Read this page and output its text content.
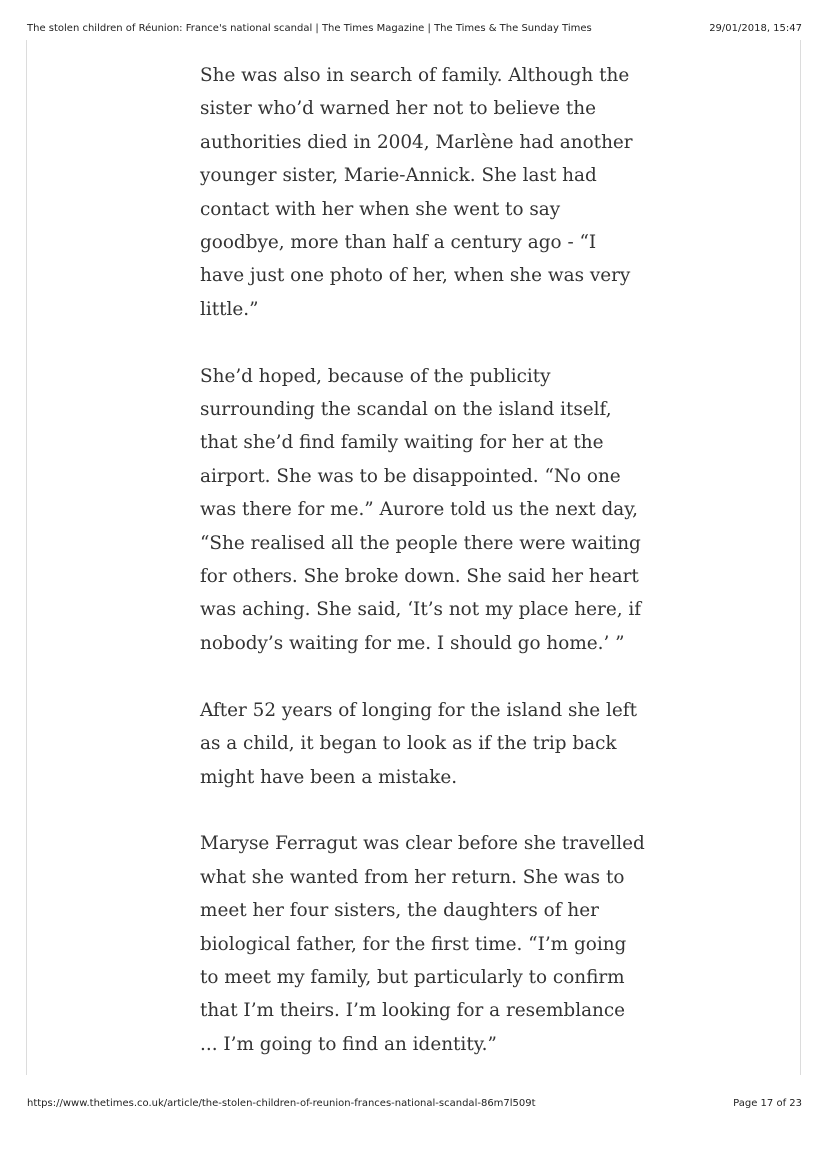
The stolen children of Réunion: France's national scandal | The Times Magazine | The Times & The Sunday Times	29/01/2018, 15:47

She was also in search of family. Although the
sister who’d warned her not to believe the
authorities died in 2004, Marlène had another
younger sister, Marie-Annick. She last had
contact with her when she went to say
goodbye, more than half a century ago - “I
have just one photo of her, when she was very
little.”

She’d hoped, because of the publicity
surrounding the scandal on the island itself,
that she’d find family waiting for her at the
airport. She was to be disappointed. “No one
was there for me.” Aurore told us the next day,
“She realised all the people there were waiting
for others. She broke down. She said her heart
was aching. She said, ‘It’s not my place here, if
nobody’s waiting for me. I should go home.’ ”

After 52 years of longing for the island she left
as a child, it began to look as if the trip back
might have been a mistake.

Maryse Ferragut was clear before she travelled
what she wanted from her return. She was to
meet her four sisters, the daughters of her
biological father, for the first time. “I’m going
to meet my family, but particularly to confirm
that I’m theirs. I’m looking for a resemblance
... I’m going to find an identity.”

https://www.thetimes.co.uk/article/the-stolen-children-of-reunion-frances-national-scandal-86m7l509t	Page 17 of 23
